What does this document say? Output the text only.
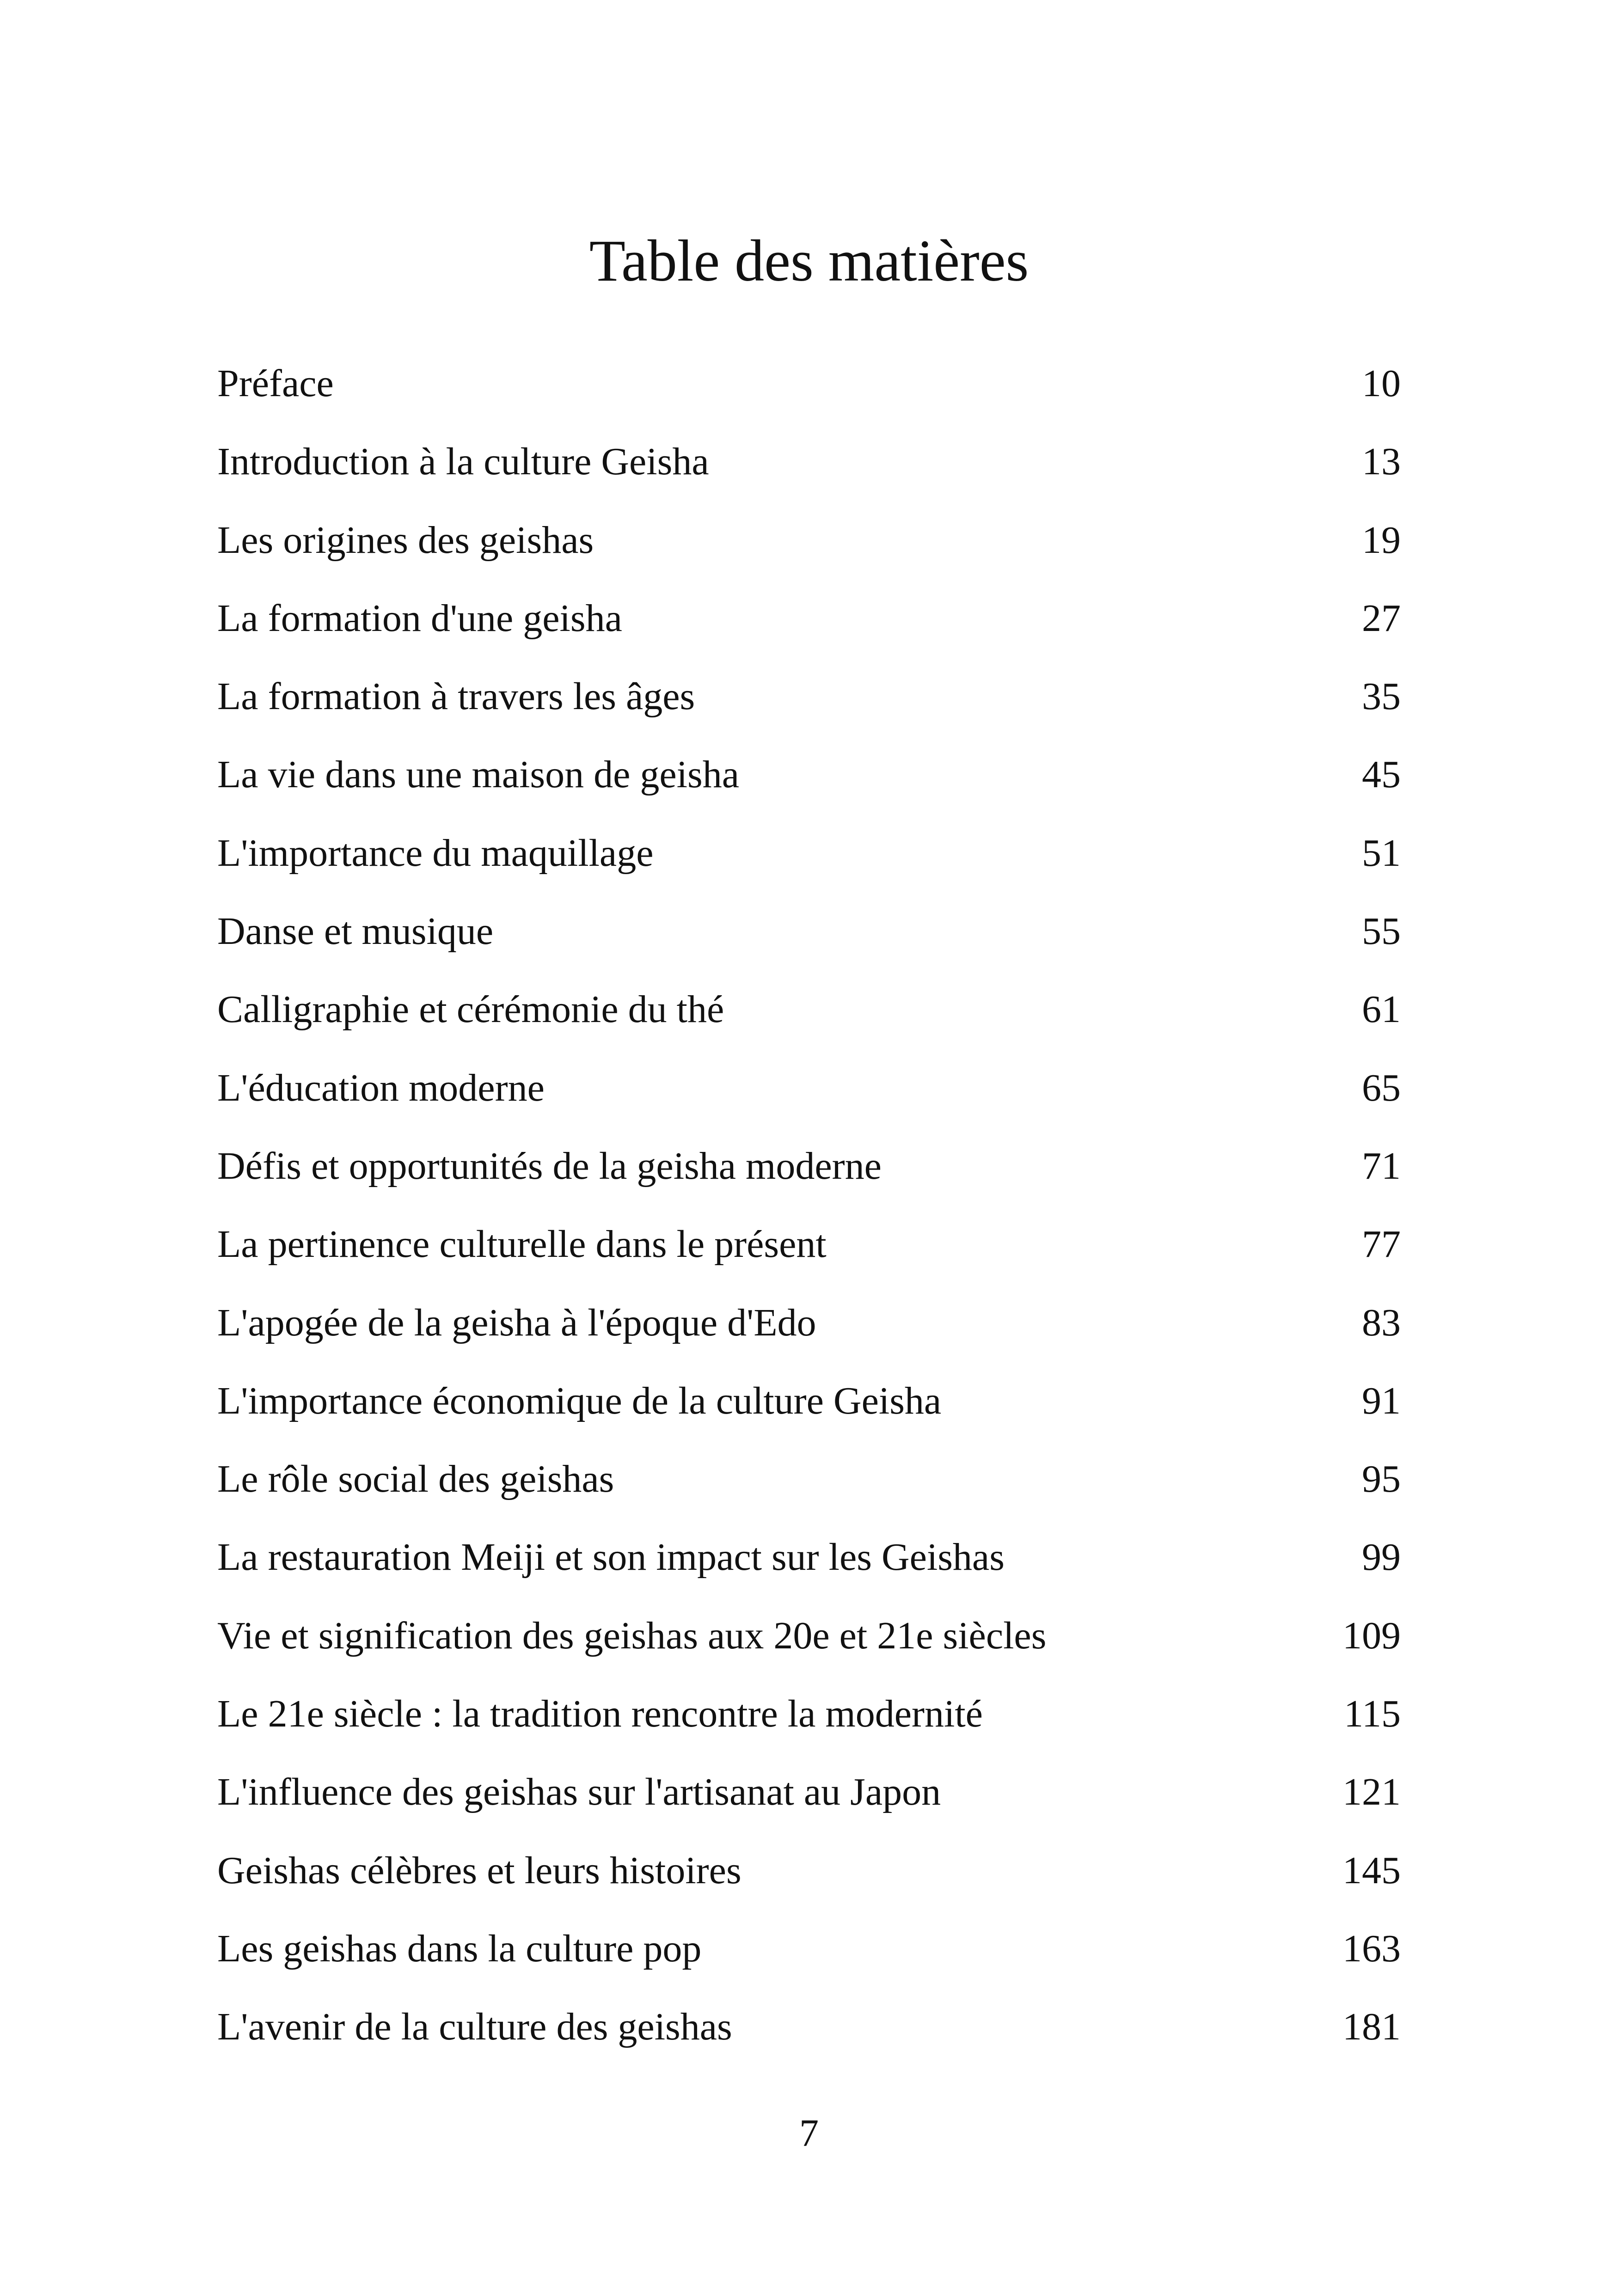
Table des matières
Préface	10
Introduction à la culture Geisha	13
Les origines des geishas	19
La formation d'une geisha	27
La formation à travers les âges	35
La vie dans une maison de geisha	45
L'importance du maquillage	51
Danse et musique	55
Calligraphie et cérémonie du thé	61
L'éducation moderne	65
Défis et opportunités de la geisha moderne	71
La pertinence culturelle dans le présent	77
L'apogée de la geisha à l'époque d'Edo	83
L'importance économique de la culture Geisha	91
Le rôle social des geishas	95
La restauration Meiji et son impact sur les Geishas	99
Vie et signification des geishas aux 20e et 21e siècles	109
Le 21e siècle : la tradition rencontre la modernité	115
L'influence des geishas sur l'artisanat au Japon	121
Geishas célèbres et leurs histoires	145
Les geishas dans la culture pop	163
L'avenir de la culture des geishas	181
7
